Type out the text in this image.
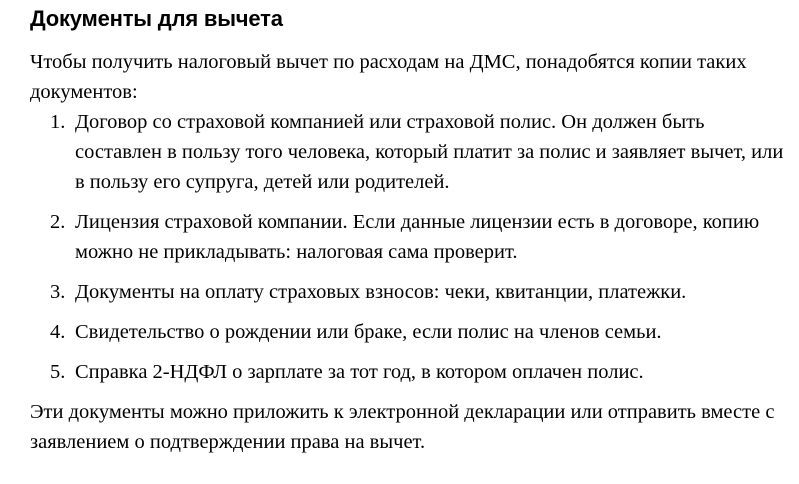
Документы для вычета

Чтобы получить налоговый вычет по расходам на ДМС, понадобятся копии таких документов:

1. Договор со страховой компанией или страховой полис. Он должен быть составлен в пользу того человека, который платит за полис и заявляет вычет, или в пользу его супруга, детей или родителей.
2. Лицензия страховой компании. Если данные лицензии есть в договоре, копию можно не прикладывать: налоговая сама проверит.
3. Документы на оплату страховых взносов: чеки, квитанции, платежки.
4. Свидетельство о рождении или браке, если полис на членов семьи.
5. Справка 2-НДФЛ о зарплате за тот год, в котором оплачен полис.

Эти документы можно приложить к электронной декларации или отправить вместе с заявлением о подтверждении права на вычет.
